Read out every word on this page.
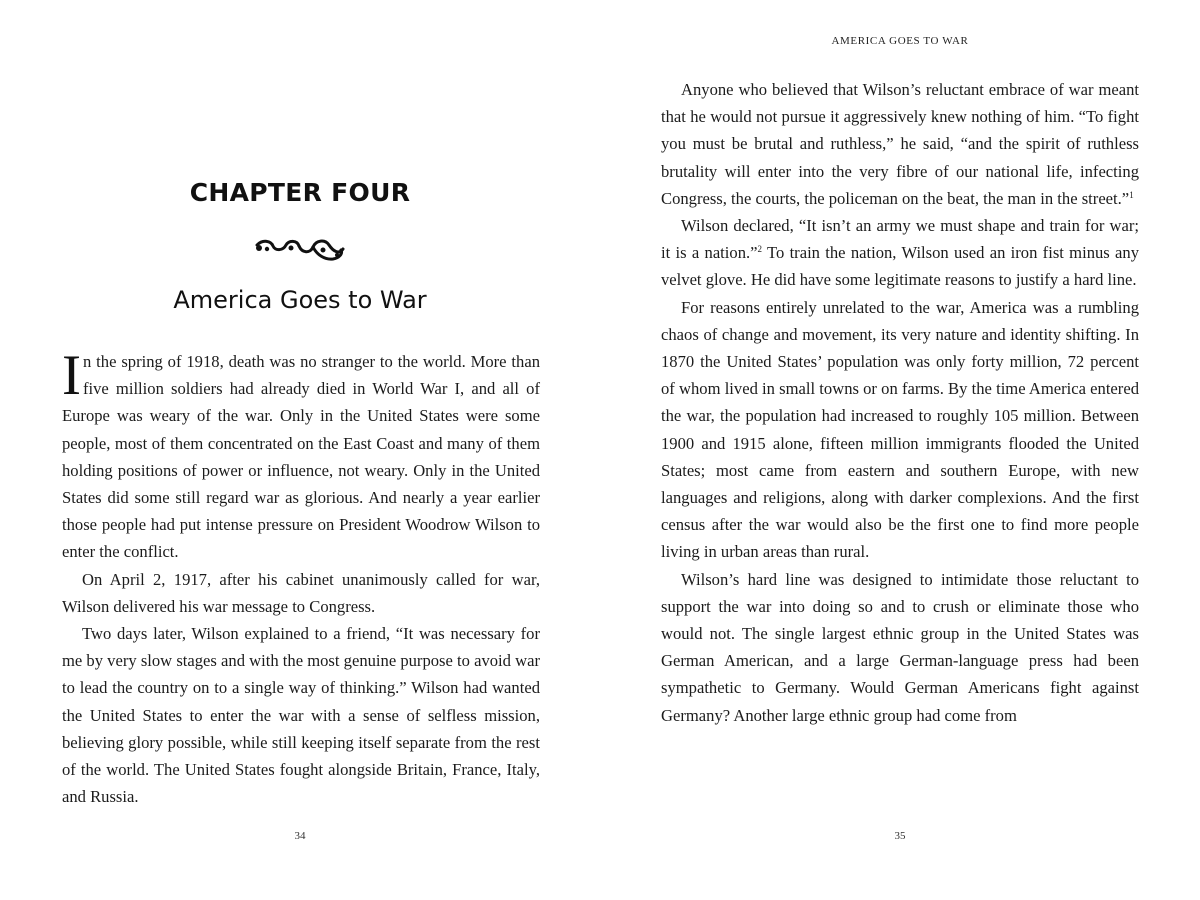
CHAPTER FOUR
America Goes to War

In the spring of 1918, death was no stranger to the world. More than five million soldiers had already died in World War I, and all of Europe was weary of the war. Only in the United States were some people, most of them concentrated on the East Coast and many of them holding positions of power or influence, not weary. Only in the United States did some still regard war as glorious. And nearly a year earlier those people had put intense pressure on President Woodrow Wilson to enter the conflict.

On April 2, 1917, after his cabinet unanimously called for war, Wilson delivered his war message to Congress.

Two days later, Wilson explained to a friend, “It was necessary for me by very slow stages and with the most genuine purpose to avoid war to lead the country on to a single way of thinking.” Wilson had wanted the United States to enter the war with a sense of selfless mission, believing glory possible, while still keeping itself separate from the rest of the world. The United States fought alongside Britain, France, Italy, and Russia.

34
AMERICA GOES TO WAR

Anyone who believed that Wilson’s reluctant embrace of war meant that he would not pursue it aggressively knew nothing of him. “To fight you must be brutal and ruthless,” he said, “and the spirit of ruthless brutality will enter into the very fibre of our national life, infecting Congress, the courts, the policeman on the beat, the man in the street.”$^1$

Wilson declared, “It isn’t an army we must shape and train for war; it is a nation.”$^2$ To train the nation, Wilson used an iron fist minus any velvet glove. He did have some legitimate reasons to justify a hard line.

For reasons entirely unrelated to the war, America was a rumbling chaos of change and movement, its very nature and identity shifting. In 1870 the United States’ population was only forty million, 72 percent of whom lived in small towns or on farms. By the time America entered the war, the population had increased to roughly 105 million. Between 1900 and 1915 alone, fifteen million immigrants flooded the United States; most came from eastern and southern Europe, with new languages and religions, along with darker complexions. And the first census after the war would also be the first one to find more people living in urban areas than rural.

Wilson’s hard line was designed to intimidate those reluctant to support the war into doing so and to crush or eliminate those who would not. The single largest ethnic group in the United States was German American, and a large German-language press had been sympathetic to Germany. Would German Americans fight against Germany? Another large ethnic group had come from

35
